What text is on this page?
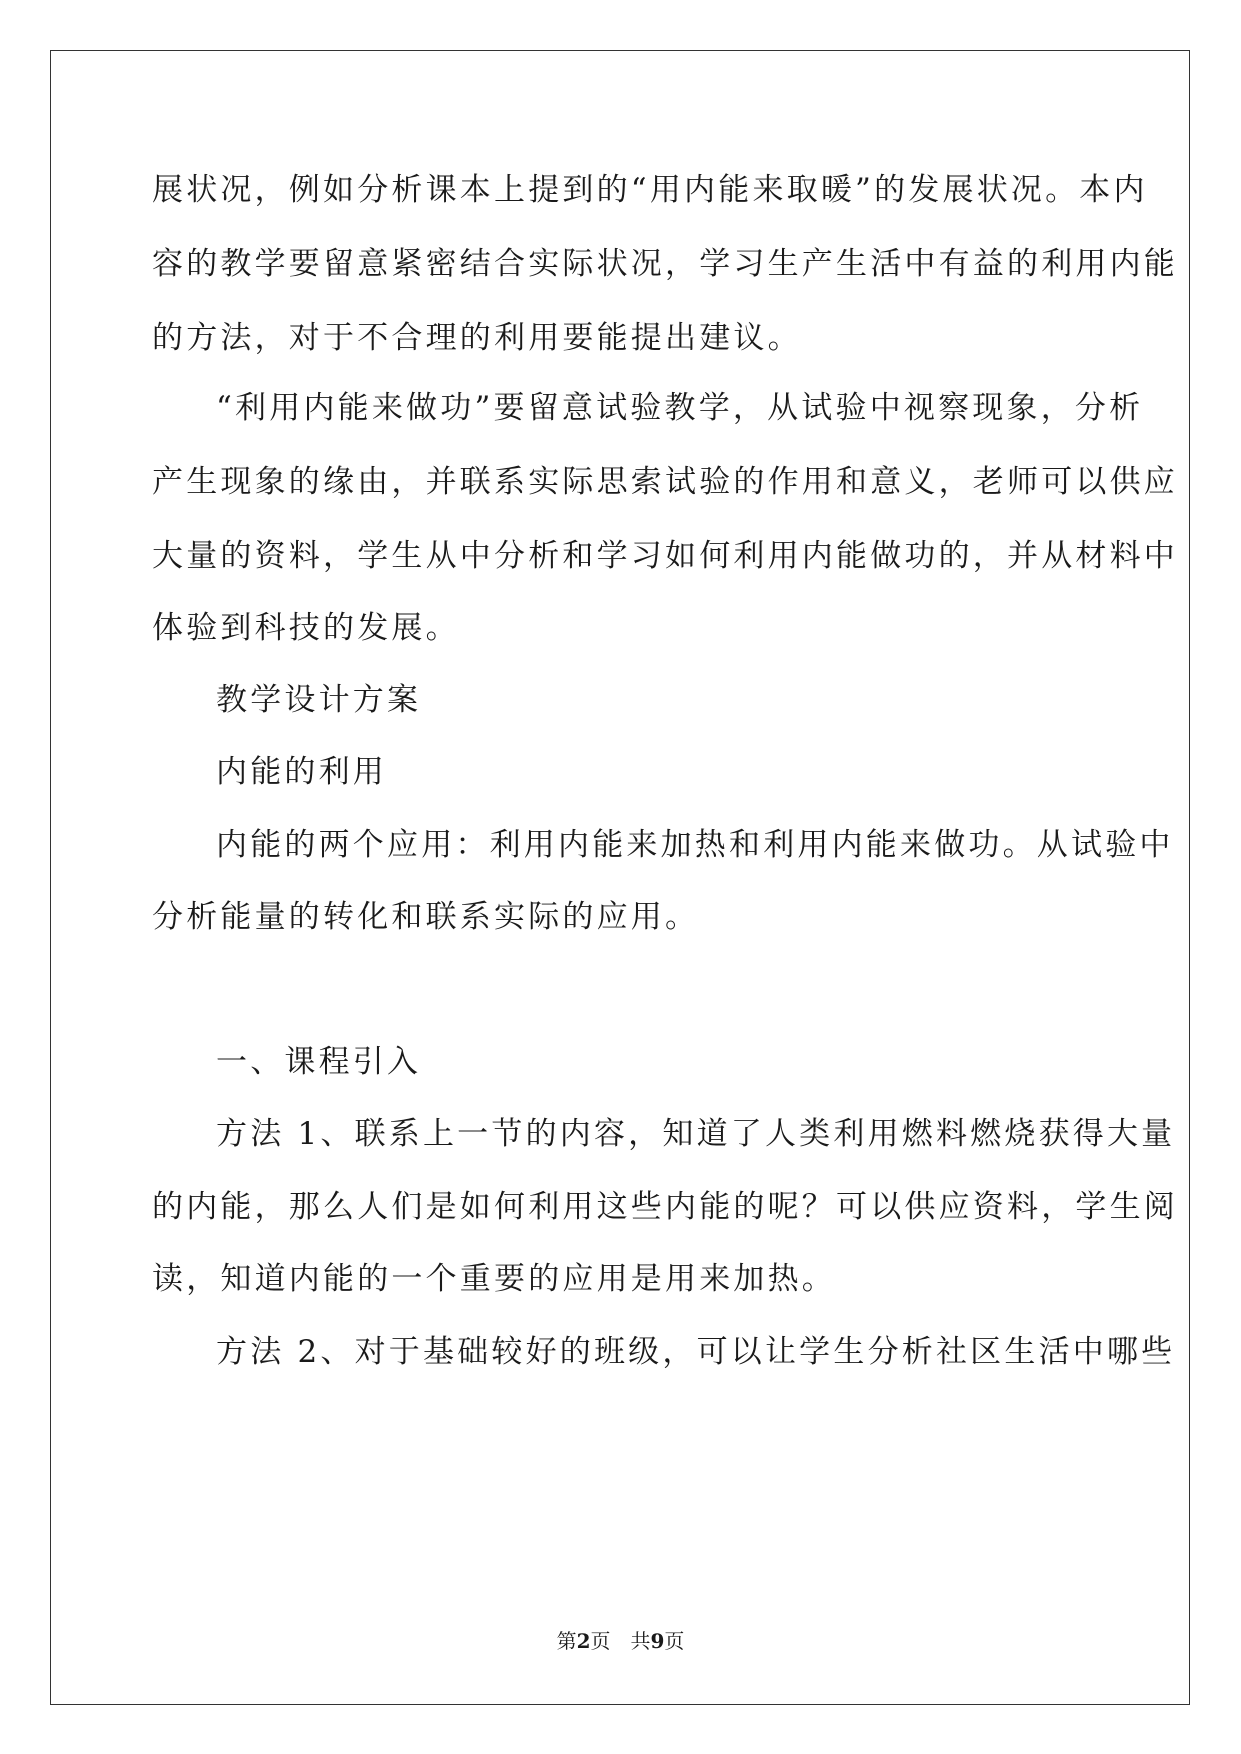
展状况，例如分析课本上提到的“用内能来取暖”的发展状况。本内
容的教学要留意紧密结合实际状况，学习生产生活中有益的利用内能
的方法，对于不合理的利用要能提出建议。
“利用内能来做功”要留意试验教学，从试验中视察现象，分析
产生现象的缘由，并联系实际思索试验的作用和意义，老师可以供应
大量的资料，学生从中分析和学习如何利用内能做功的，并从材料中
体验到科技的发展。
教学设计方案
内能的利用
内能的两个应用：利用内能来加热和利用内能来做功。从试验中
分析能量的转化和联系实际的应用。
一、课程引入
方法 1、联系上一节的内容，知道了人类利用燃料燃烧获得大量
的内能，那么人们是如何利用这些内能的呢？可以供应资料，学生阅
读，知道内能的一个重要的应用是用来加热。
方法 2、对于基础较好的班级，可以让学生分析社区生活中哪些
第2页　共9页
